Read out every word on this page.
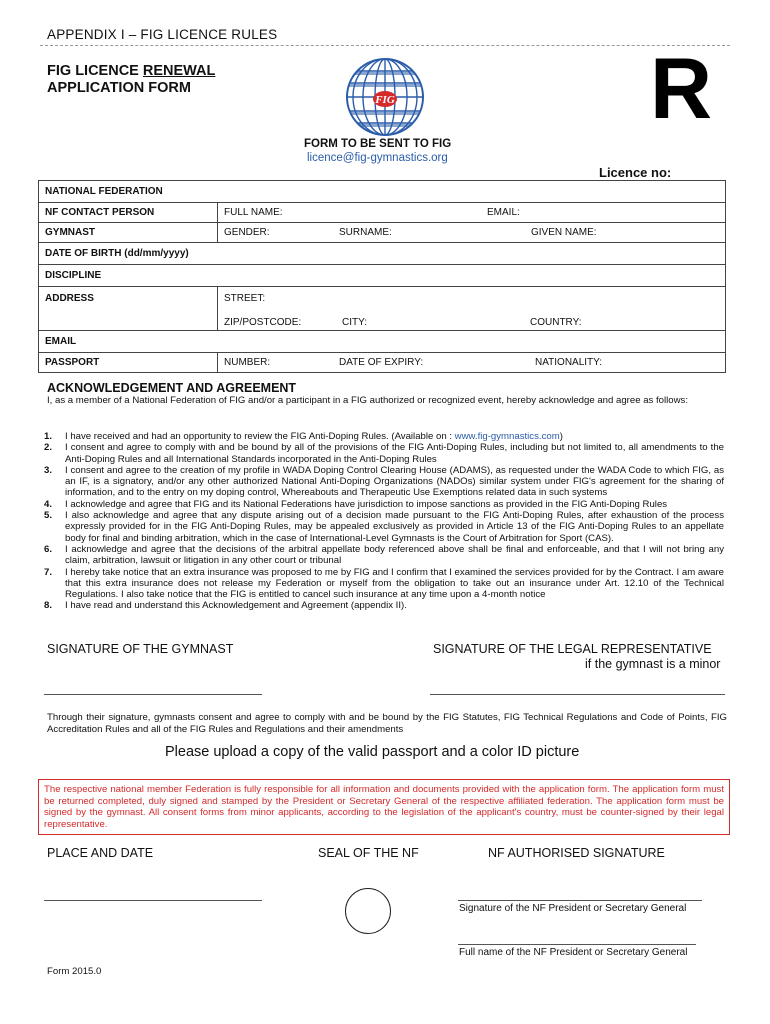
APPENDIX I – FIG LICENCE RULES
FIG LICENCE RENEWAL
APPLICATION FORM
FIG	R
FORM TO BE SENT TO FIG
licence@fig-gymnastics.org
Licence no:
NATIONAL FEDERATION	
NF CONTACT PERSON	FULL NAME: EMAIL:

GYMNAST	GENDER: SURNAME: GIVEN NAME:

DATE OF BIRTH (dd/mm/yyyy)	
DISCIPLINE	
ADDRESS	STREET:
ZIP/POSTCODE: CITY: COUNTRY:

EMAIL	
PASSPORT	NUMBER: DATE OF EXPIRY: NATIONALITY:
ACKNOWLEDGEMENT AND AGREEMENT
I, as a member of a National Federation of FIG and/or a participant in a FIG authorized or recognized event, hereby acknowledge and agree as follows:
1.	I have received and had an opportunity to review the FIG Anti-Doping Rules. (Available on : www.fig-gymnastics.com)
2.	I consent and agree to comply with and be bound by all of the provisions of the FIG Anti-Doping Rules, including but not limited to, all amendments to the Anti-Doping Rules and all International Standards incorporated in the Anti-Doping Rules
3.	I consent and agree to the creation of my profile in WADA Doping Control Clearing House (ADAMS), as requested under the WADA Code to which FIG, as an IF, is a signatory, and/or any other authorized National Anti-Doping Organizations (NADOs) similar system under FIG's agreement for the sharing of information, and to the entry on my doping control, Whereabouts and Therapeutic Use Exemptions related data in such systems
4.	I acknowledge and agree that FIG and its National Federations have jurisdiction to impose sanctions as provided in the FIG Anti-Doping Rules
5.	I also acknowledge and agree that any dispute arising out of a decision made pursuant to the FIG Anti-Doping Rules, after exhaustion of the process expressly provided for in the FIG Anti-Doping Rules, may be appealed exclusively as provided in Article 13 of the FIG Anti-Doping Rules to an appellate body for final and binding arbitration, which in the case of International-Level Gymnasts is the Court of Arbitration for Sport (CAS).
6.	I acknowledge and agree that the decisions of the arbitral appellate body referenced above shall be final and enforceable, and that I will not bring any claim, arbitration, lawsuit or litigation in any other court or tribunal
7.	I hereby take notice that an extra insurance was proposed to me by FIG and I confirm that I examined the services provided for by the Contract. I am aware that this extra insurance does not release my Federation or myself from the obligation to take out an insurance under Art. 12.10 of the Technical Regulations. I also take notice that the FIG is entitled to cancel such insurance at any time upon a 4-month notice
8.	I have read and understand this Acknowledgement and Agreement (appendix II).
SIGNATURE OF THE GYMNAST	SIGNATURE OF THE LEGAL REPRESENTATIVE
if the gymnast is a minor
Through their signature, gymnasts consent and agree to comply with and be bound by the FIG Statutes, FIG Technical Regulations and Code of Points, FIG Accreditation Rules and all of the FIG Rules and Regulations and their amendments
Please upload a copy of the valid passport and a color ID picture
The respective national member Federation is fully responsible for all information and documents provided with the application form. The application form must be returned completed, duly signed and stamped by the President or Secretary General of the respective affiliated federation. The application form must be signed by the gymnast. All consent forms from minor applicants, according to the legislation of the applicant's country, must be counter-signed by their legal representative.
PLACE AND DATE	SEAL OF THE NF	NF AUTHORISED SIGNATURE
Signature of the NF President or Secretary General
Full name of the NF President or Secretary General
Form 2015.0
